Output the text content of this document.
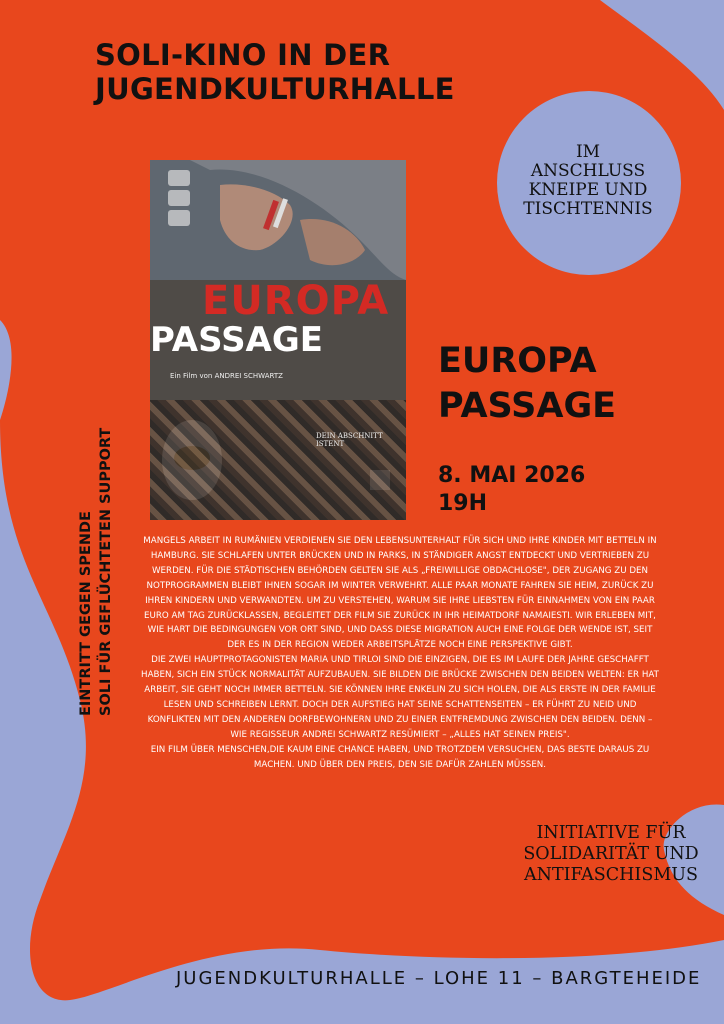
SOLI-KINO IN DER
JUGENDKULTURHALLE
IM
ANSCHLUSS
KNEIPE UND
TISCHTENNIS
EUROPA
PASSAGE
Ein Film von ANDREI SCHWARTZ
DEIN ABSCHNITT ISTENT
EUROPA
PASSAGE
8. MAI 2026
19H
EINTRITT GEGEN SPENDE SOLI FÜR GEFLÜCHTETEN SUPPORT	MANGELS ARBEIT IN RUMÄNIEN VERDIENEN SIE DEN LEBENSUNTERHALT FÜR SICH UND IHRE KINDER MIT BETTELN IN HAMBURG. SIE SCHLAFEN UNTER BRÜCKEN UND IN PARKS, IN STÄNDIGER ANGST ENTDECKT UND VERTRIEBEN ZU WERDEN. FÜR DIE STÄDTISCHEN BEHÖRDEN GELTEN SIE ALS „FREIWILLIGE OBDACHLOSE", DER ZUGANG ZU DEN NOTPROGRAMMEN BLEIBT IHNEN SOGAR IM WINTER VERWEHRT. ALLE PAAR MONATE FAHREN SIE HEIM, ZURÜCK ZU IHREN KINDERN UND VERWANDTEN. UM ZU VERSTEHEN, WARUM SIE IHRE LIEBSTEN FÜR EINNAHMEN VON EIN PAAR EURO AM TAG ZURÜCKLASSEN, BEGLEITET DER FILM SIE ZURÜCK IN IHR HEIMATDORF NAMAIESTI. WIR ERLEBEN MIT, WIE HART DIE BEDINGUNGEN VOR ORT SIND, UND DASS DIESE MIGRATION AUCH EINE FOLGE DER WENDE IST, SEIT DER ES IN DER REGION WEDER ARBEITSPLÄTZE NOCH EINE PERSPEKTIVE GIBT.

DIE ZWEI HAUPTPROTAGONISTEN MARIA UND TIRLOI SIND DIE EINZIGEN, DIE ES IM LAUFE DER JAHRE GESCHAFFT HABEN, SICH EIN STÜCK NORMALITÄT AUFZUBAUEN. SIE BILDEN DIE BRÜCKE ZWISCHEN DEN BEIDEN WELTEN: ER HAT ARBEIT, SIE GEHT NOCH IMMER BETTELN. SIE KÖNNEN IHRE ENKELIN ZU SICH HOLEN, DIE ALS ERSTE IN DER FAMILIE LESEN UND SCHREIBEN LERNT. DOCH DER AUFSTIEG HAT SEINE SCHATTENSEITEN – ER FÜHRT ZU NEID UND KONFLIKTEN MIT DEN ANDEREN DORFBEWOHNERN UND ZU EINER ENTFREMDUNG ZWISCHEN DEN BEIDEN. DENN – WIE REGISSEUR ANDREI SCHWARTZ RESÜMIERT – „ALLES HAT SEINEN PREIS".

EIN FILM ÜBER MENSCHEN,DIE KAUM EINE CHANCE HABEN, UND TROTZDEM VERSUCHEN, DAS BESTE DARAUS ZU MACHEN. UND ÜBER DEN PREIS, DEN SIE DAFÜR ZAHLEN MÜSSEN.

INITIATIVE FÜR
SOLIDARITÄT UND
ANTIFASCHISMUS
JUGENDKULTURHALLE – LOHE 11 – BARGTEHEIDE
